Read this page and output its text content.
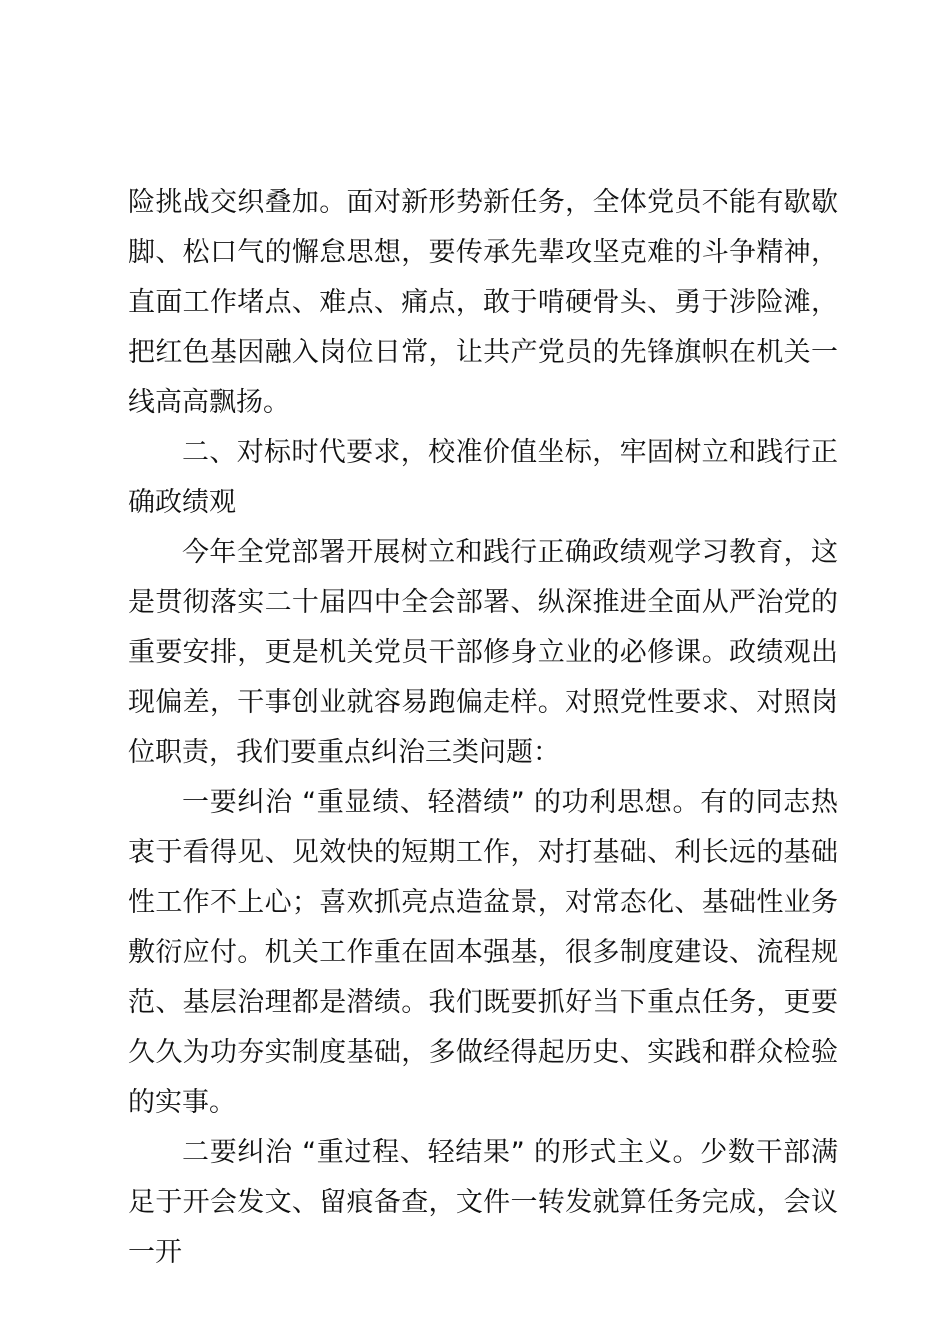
险挑战交织叠加。面对新形势新任务，全体党员不能有歇歇脚、松口气的懈怠思想，要传承先辈攻坚克难的斗争精神，直面工作堵点、难点、痛点，敢于啃硬骨头、勇于涉险滩，把红色基因融入岗位日常，让共产党员的先锋旗帜在机关一线高高飘扬。

二、对标时代要求，校准价值坐标，牢固树立和践行正确政绩观

今年全党部署开展树立和践行正确政绩观学习教育，这是贯彻落实二十届四中全会部署、纵深推进全面从严治党的重要安排，更是机关党员干部修身立业的必修课。政绩观出现偏差，干事创业就容易跑偏走样。对照党性要求、对照岗位职责，我们要重点纠治三类问题：

一要纠治 “重显绩、轻潜绩” 的功利思想。有的同志热衷于看得见、见效快的短期工作，对打基础、利长远的基础性工作不上心；喜欢抓亮点造盆景，对常态化、基础性业务敷衍应付。机关工作重在固本强基，很多制度建设、流程规范、基层治理都是潜绩。我们既要抓好当下重点任务，更要久久为功夯实制度基础，多做经得起历史、实践和群众检验的实事。

二要纠治 “重过程、轻结果” 的形式主义。少数干部满足于开会发文、留痕备查，文件一转发就算任务完成，会议一开
